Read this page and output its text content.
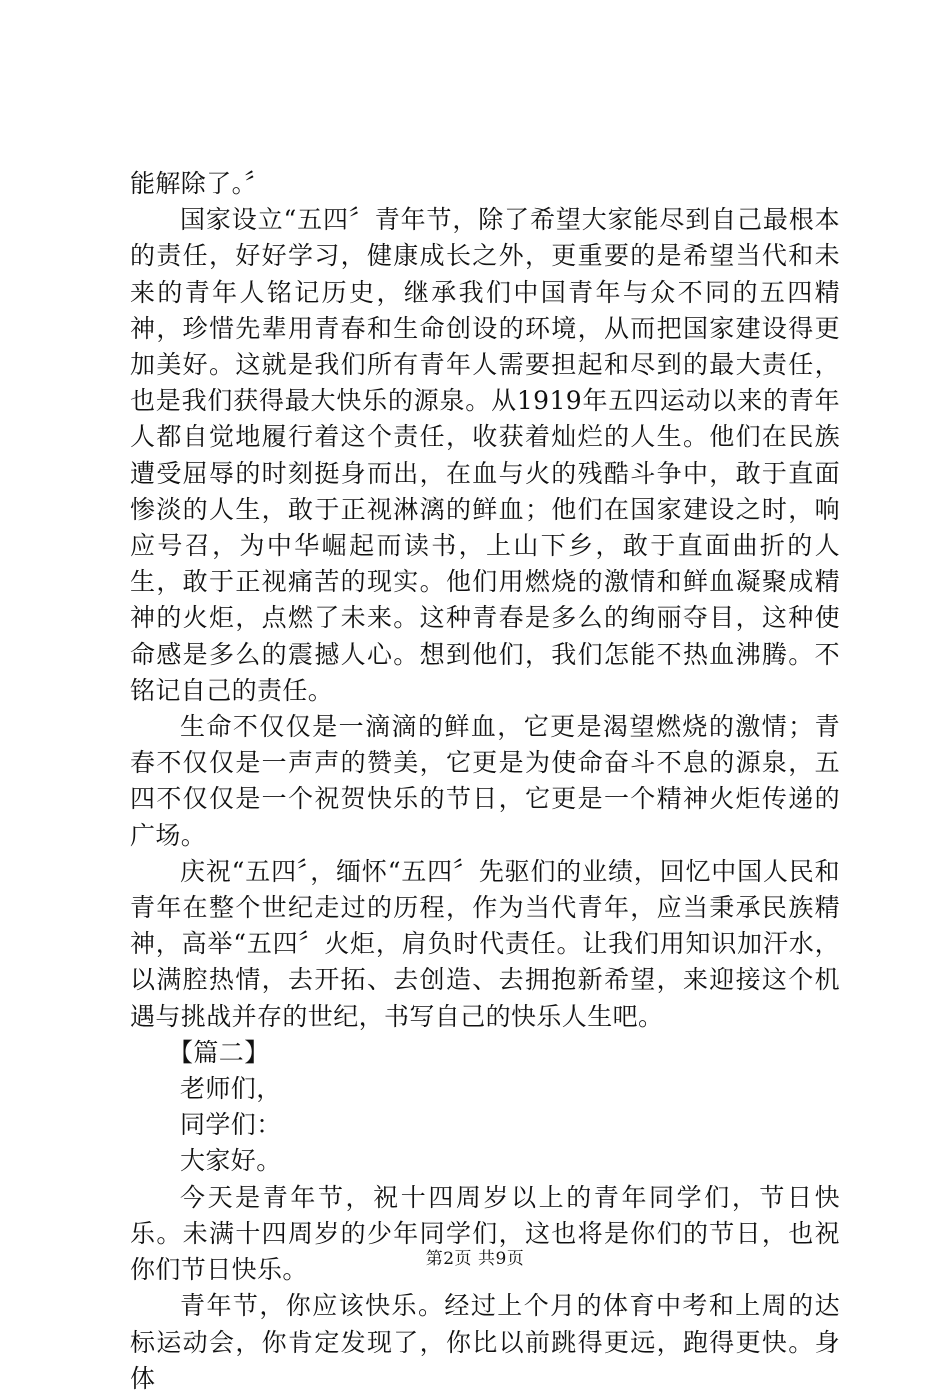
能解除了。〞

国家设立“五四〞青年节，除了希望大家能尽到自己最根本的责任，好好学习，健康成长之外，更重要的是希望当代和未来的青年人铭记历史，继承我们中国青年与众不同的五四精神，珍惜先辈用青春和生命创设的环境，从而把国家建设得更加美好。这就是我们所有青年人需要担起和尽到的最大责任，也是我们获得最大快乐的源泉。从1919年五四运动以来的青年人都自觉地履行着这个责任，收获着灿烂的人生。他们在民族遭受屈辱的时刻挺身而出，在血与火的残酷斗争中，敢于直面惨淡的人生，敢于正视淋漓的鲜血；他们在国家建设之时，响应号召，为中华崛起而读书，上山下乡，敢于直面曲折的人生，敢于正视痛苦的现实。他们用燃烧的激情和鲜血凝聚成精神的火炬，点燃了未来。这种青春是多么的绚丽夺目，这种使命感是多么的震撼人心。想到他们，我们怎能不热血沸腾。不铭记自己的责任。

生命不仅仅是一滴滴的鲜血，它更是渴望燃烧的激情；青春不仅仅是一声声的赞美，它更是为使命奋斗不息的源泉，五四不仅仅是一个祝贺快乐的节日，它更是一个精神火炬传递的广场。

庆祝“五四〞，缅怀“五四〞先驱们的业绩，回忆中国人民和青年在整个世纪走过的历程，作为当代青年，应当秉承民族精神，高举“五四〞火炬，肩负时代责任。让我们用知识加汗水，以满腔热情，去开拓、去创造、去拥抱新希望，来迎接这个机遇与挑战并存的世纪，书写自己的快乐人生吧。

【篇二】

老师们，

同学们：

大家好。

今天是青年节，祝十四周岁以上的青年同学们，节日快乐。未满十四周岁的少年同学们，这也将是你们的节日，也祝你们节日快乐。

青年节，你应该快乐。经过上个月的体育中考和上周的达标运动会，你肯定发现了，你比以前跳得更远，跑得更快。身体

第2页 共9页
